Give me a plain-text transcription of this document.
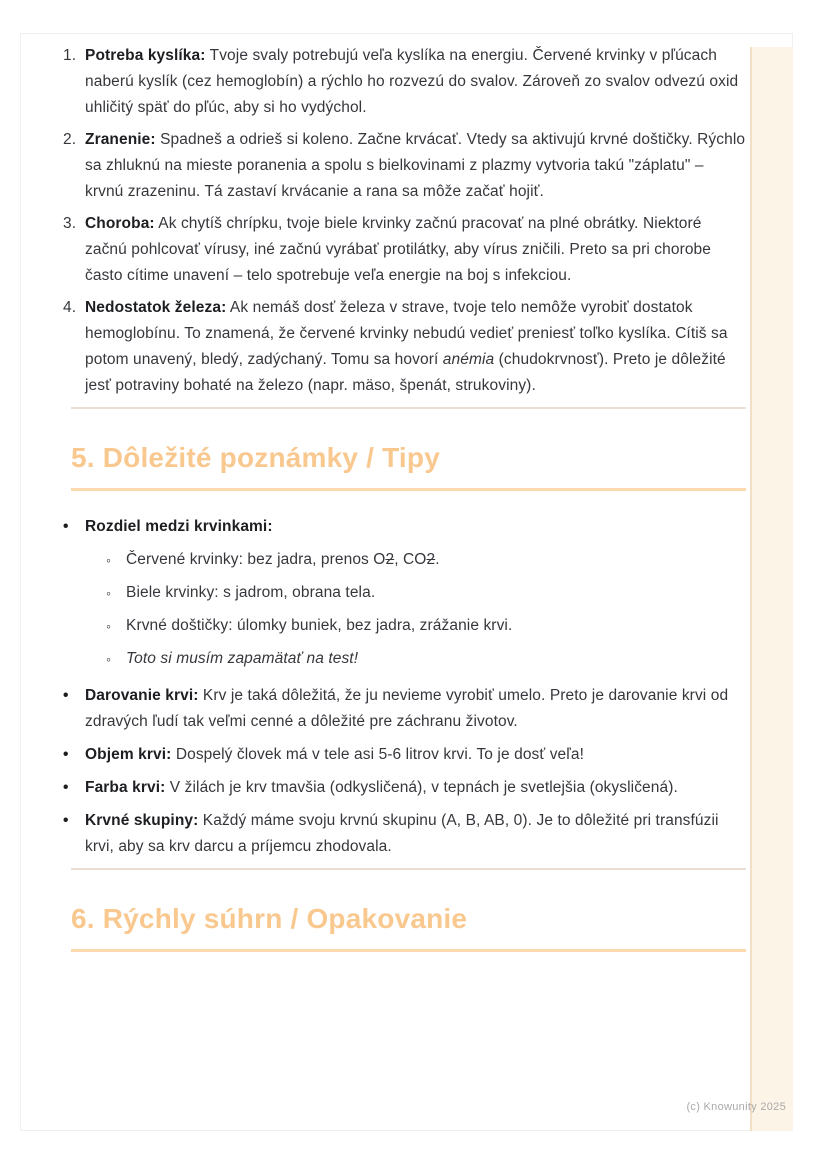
1. Potreba kyslíka: Tvoje svaly potrebujú veľa kyslíka na energiu. Červené krvinky v pľúcach naberú kyslík (cez hemoglobín) a rýchlo ho rozvezú do svalov. Zároveň zo svalov odvezú oxid uhličitý späť do pľúc, aby si ho vydýchol.
2. Zranenie: Spadneš a odrieš si koleno. Začne krvácať. Vtedy sa aktivujú krvné doštičky. Rýchlo sa zhluknú na mieste poranenia a spolu s bielkovinami z plazmy vytvoria takú "záplatu" – krvnú zrazeninu. Tá zastaví krvácanie a rana sa môže začať hojiť.
3. Choroba: Ak chytíš chrípku, tvoje biele krvinky začnú pracovať na plné obrátky. Niektoré začnú pohlcovať vírusy, iné začnú vyrábať protilátky, aby vírus zničili. Preto sa pri chorobe často cítime unavení – telo spotrebuje veľa energie na boj s infekciou.
4. Nedostatok železa: Ak nemáš dosť železa v strave, tvoje telo nemôže vyrobiť dostatok hemoglobínu. To znamená, že červené krvinky nebudú vedieť preniesť toľko kyslíka. Cítiš sa potom unavený, bledý, zadýchaný. Tomu sa hovorí anémia (chudokrvnosť). Preto je dôležité jesť potraviny bohaté na železo (napr. mäso, špenát, strukoviny).
5. Dôležité poznámky / Tipy
•	Rozdiel medzi krvinkami:
◦ Červené krvinky: bez jadra, prenos O2, CO2.
◦ Biele krvinky: s jadrom, obrana tela.
◦ Krvné doštičky: úlomky buniek, bez jadra, zrážanie krvi.
◦ Toto si musím zapamätať na test!
•	Darovanie krvi: Krv je taká dôležitá, že ju nevieme vyrobiť umelo. Preto je darovanie krvi od zdravých ľudí tak veľmi cenné a dôležité pre záchranu životov.
•	Objem krvi: Dospelý človek má v tele asi 5-6 litrov krvi. To je dosť veľa!
•	Farba krvi: V žilách je krv tmavšia (odkysličená), v tepnách je svetlejšia (okysličená).
•	Krvné skupiny: Každý máme svoju krvnú skupinu (A, B, AB, 0). Je to dôležité pri transfúzii krvi, aby sa krv darcu a príjemcu zhodovala.
6. Rýchly súhrn / Opakovanie
(c) Knowunity 2025
